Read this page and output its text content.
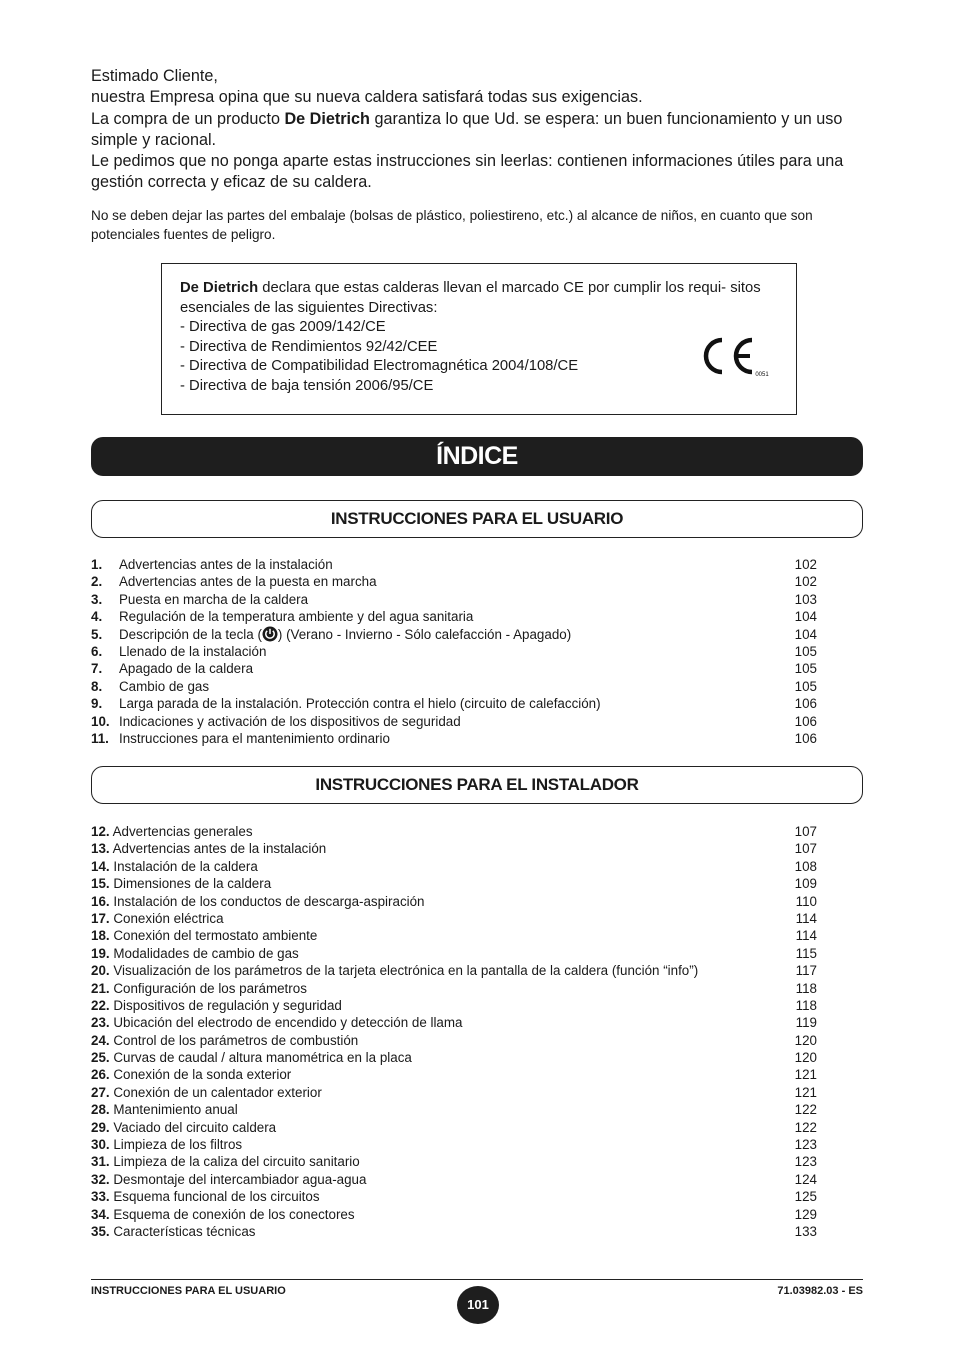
Estimado Cliente,

nuestra Empresa opina que su nueva caldera satisfará todas sus exigencias.

La compra de un producto De Dietrich garantiza lo que Ud. se espera: un buen funcionamiento y un uso simple y racional.

Le pedimos que no ponga aparte estas instrucciones sin leerlas: contienen informaciones útiles para una gestión correcta y eficaz de su caldera.

No se deben dejar las partes del embalaje (bolsas de plástico, poliestireno, etc.) al alcance de niños, en cuanto que son potenciales fuentes de peligro.
De Dietrich declara que estas calderas llevan el marcado CE por cumplir los requi- sitos esenciales de las siguientes Directivas:
- Directiva de gas 2009/142/CE
- Directiva de Rendimientos 92/42/CEE
- Directiva de Compatibilidad Electromagnética 2004/108/CE
- Directiva de baja tensión 2006/95/CE
0051
ÍNDICE
INSTRUCCIONES PARA EL USUARIO
1. Advertencias antes de la instalación	102
2. Advertencias antes de la puesta en marcha	102
3. Puesta en marcha de la caldera	103
4. Regulación de la temperatura ambiente y del agua sanitaria	104
5. Descripción de la tecla ( ) (Verano - Invierno - Sólo calefacción - Apagado)	104
6. Llenado de la instalación	105
7. Apagado de la caldera	105
8. Cambio de gas	105
9. Larga parada de la instalación. Protección contra el hielo (circuito de calefacción)	106
10. Indicaciones y activación de los dispositivos de seguridad	106
11. Instrucciones para el mantenimiento ordinario	106
INSTRUCCIONES PARA EL INSTALADOR
12. Advertencias generales	107
13. Advertencias antes de la instalación	107
14. Instalación de la caldera	108
15. Dimensiones de la caldera	109
16. Instalación de los conductos de descarga-aspiración	110
17. Conexión eléctrica	114
18. Conexión del termostato ambiente	114
19. Modalidades de cambio de gas	115
20. Visualización de los parámetros de la tarjeta electrónica en la pantalla de la caldera (función “info”)	117
21. Configuración de los parámetros	118
22. Dispositivos de regulación y seguridad	118
23. Ubicación del electrodo de encendido y detección de llama	119
24. Control de los parámetros de combustión	120
25. Curvas de caudal / altura manométrica en la placa	120
26. Conexión de la sonda exterior	121
27. Conexión de un calentador exterior	121
28. Mantenimiento anual	122
29. Vaciado del circuito caldera	122
30. Limpieza de los filtros	123
31. Limpieza de la caliza del circuito sanitario	123
32. Desmontaje del intercambiador agua-agua	124
33. Esquema funcional de los circuitos	125
34. Esquema de conexión de los conectores	129
35. Características técnicas	133
INSTRUCCIONES PARA EL USUARIO
101
71.03982.03 - ES
